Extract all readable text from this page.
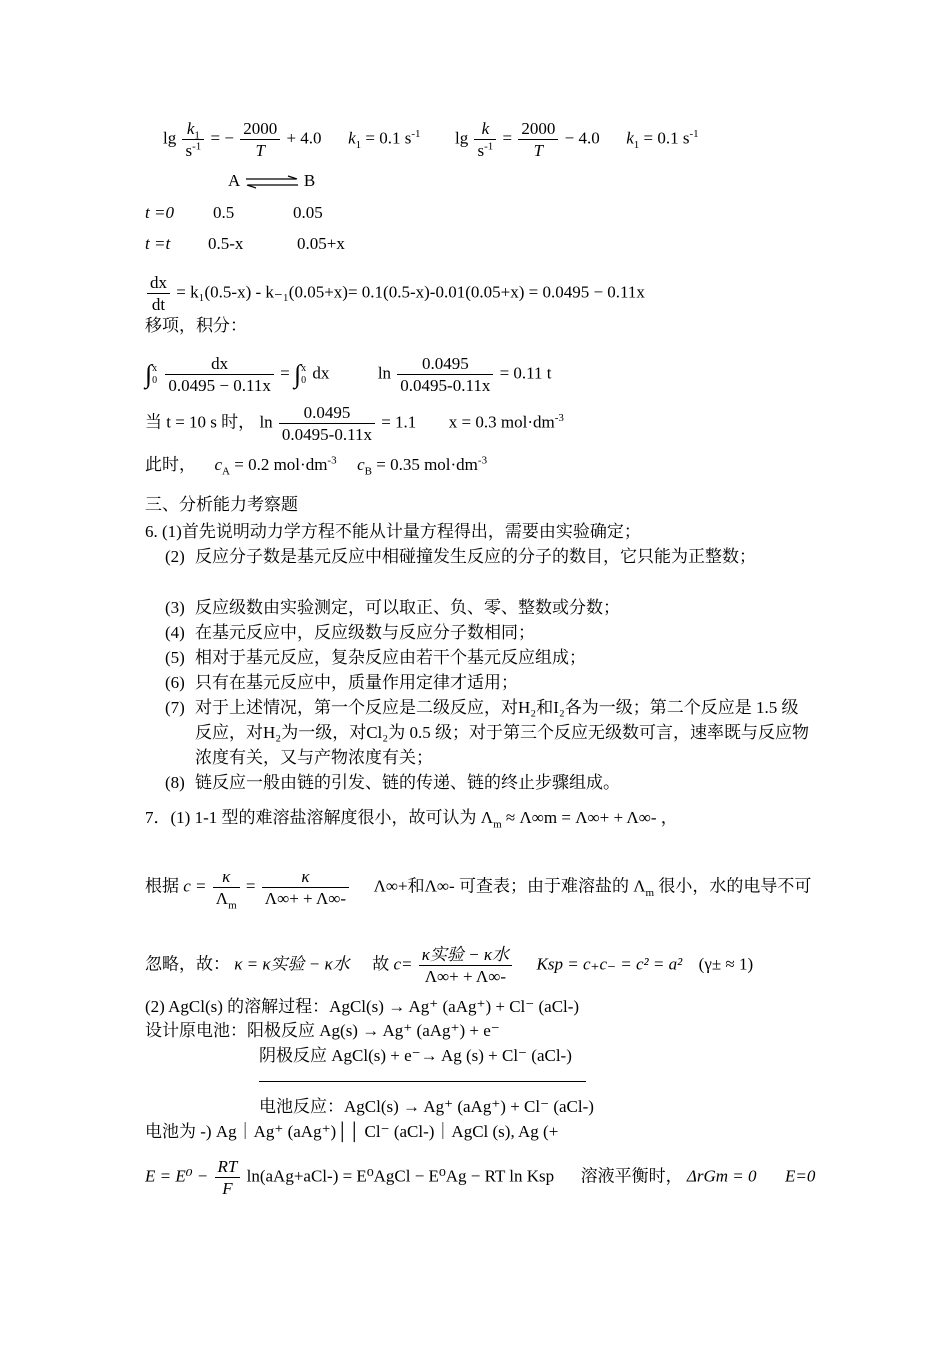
$\lg \frac{k_1}{s^{-1}}$ = − $\frac{2000}{T} + 4.0$ $k_1 = 0.1$ $s^{-1}$ $\lg \frac{k}{s^{-1}} = \frac{2000}{T} - 4.0$ $k_1 = 0.1$ $s^{-1}$
A ⇌ B
t =0 0.5	0.05
t =t 0.5-x	0.05+x
$\frac{dx}{dt} = k_1(0.5-x) - k_{-1}(0.05+x)= 0.1(0.5-x)-0.01(0.05+x) = 0.0495 - 0.11x$
移项，积分：
∫x
$0 \frac{dx}{0.0495 - 0.11x} = \int x$
0 dx	$\ln \frac{0.0495}{0.0495-0.11x} = 0.11$ t
当 t = 10 s 时， $\ln \frac{0.0495}{0.0495-0.11x} = 1.1$ x = 0.3 $mol\cdot dm^{-3}$
此时， $c_A = 0.2$ $mol\cdot dm^{-3}$ $c_B = 0.35$ $mol\cdot dm^{-3}$
三、分析能力考察题
6. (1)首先说明动力学方程不能从计量方程得出，需要由实验确定；
(2) 反应分子数是基元反应中相碰撞发生反应的分子的数目，它只能为正整数；
(3) 反应级数由实验测定，可以取正、负、零、整数或分数；
(4) 在基元反应中，反应级数与反应分子数相同；
(5) 相对于基元反应，复杂反应由若干个基元反应组成；
(6) 只有在基元反应中，质量作用定律才适用；
(7) 对于上述情况，第一个反应是二级反应，对H₂和I₂各为一级；第二个反应是 1.5 级反应，对H₂为一级，对Cl₂为 0.5 级；对于第三个反应无级数可言，速率既与反应物浓度有关，又与产物浓度有关；
(8) 链反应一般由链的引发、链的传递、链的终止步骤组成。
7．(1) 1-1 型的难溶盐溶解度很小，故可认为 $\Lambda_m \approx \Lambda\infty m = \Lambda\infty+ + \Lambda\infty-$ ，
根据 $c = \frac{\kappa}{\Lambda_m} = \frac{\kappa}{\Lambda\infty+ + \Lambda\infty-} \Lambda\infty+$和Λ∞- 可查表；由于难溶盐的 $\Lambda_m$ 很小，水的电导不可
忽略，故： κ = κ实验 − κ水 故 $c= \frac{\text{κ实验 − κ水}}{\Lambda\infty+ + \Lambda\infty-}$ Ksp = c₊c₋ = c² = a² (γ± ≈ 1)
(2) AgCl(s) 的溶解过程：AgCl(s) → Ag⁺ (aAg⁺) + Cl⁻ (aCl-)
设计原电池：阳极反应 Ag(s) → Ag⁺ (aAg⁺) + e⁻
阴极反应 AgCl(s) + e⁻→ Ag (s) + Cl⁻ (aCl-)
电池反应：AgCl(s) → Ag⁺ (aAg⁺) + Cl⁻ (aCl-)
电池为 -) Ag｜Ag⁺ (aAg⁺)││ Cl⁻ (aCl-)｜AgCl (s), Ag (+
$E = E^0 - \frac{RT}{F} \ln(aAg+aCl-)$ = E⁰AgCl − E⁰Ag − RT ln Ksp 溶液平衡时， ΔrGm = 0 E=0
